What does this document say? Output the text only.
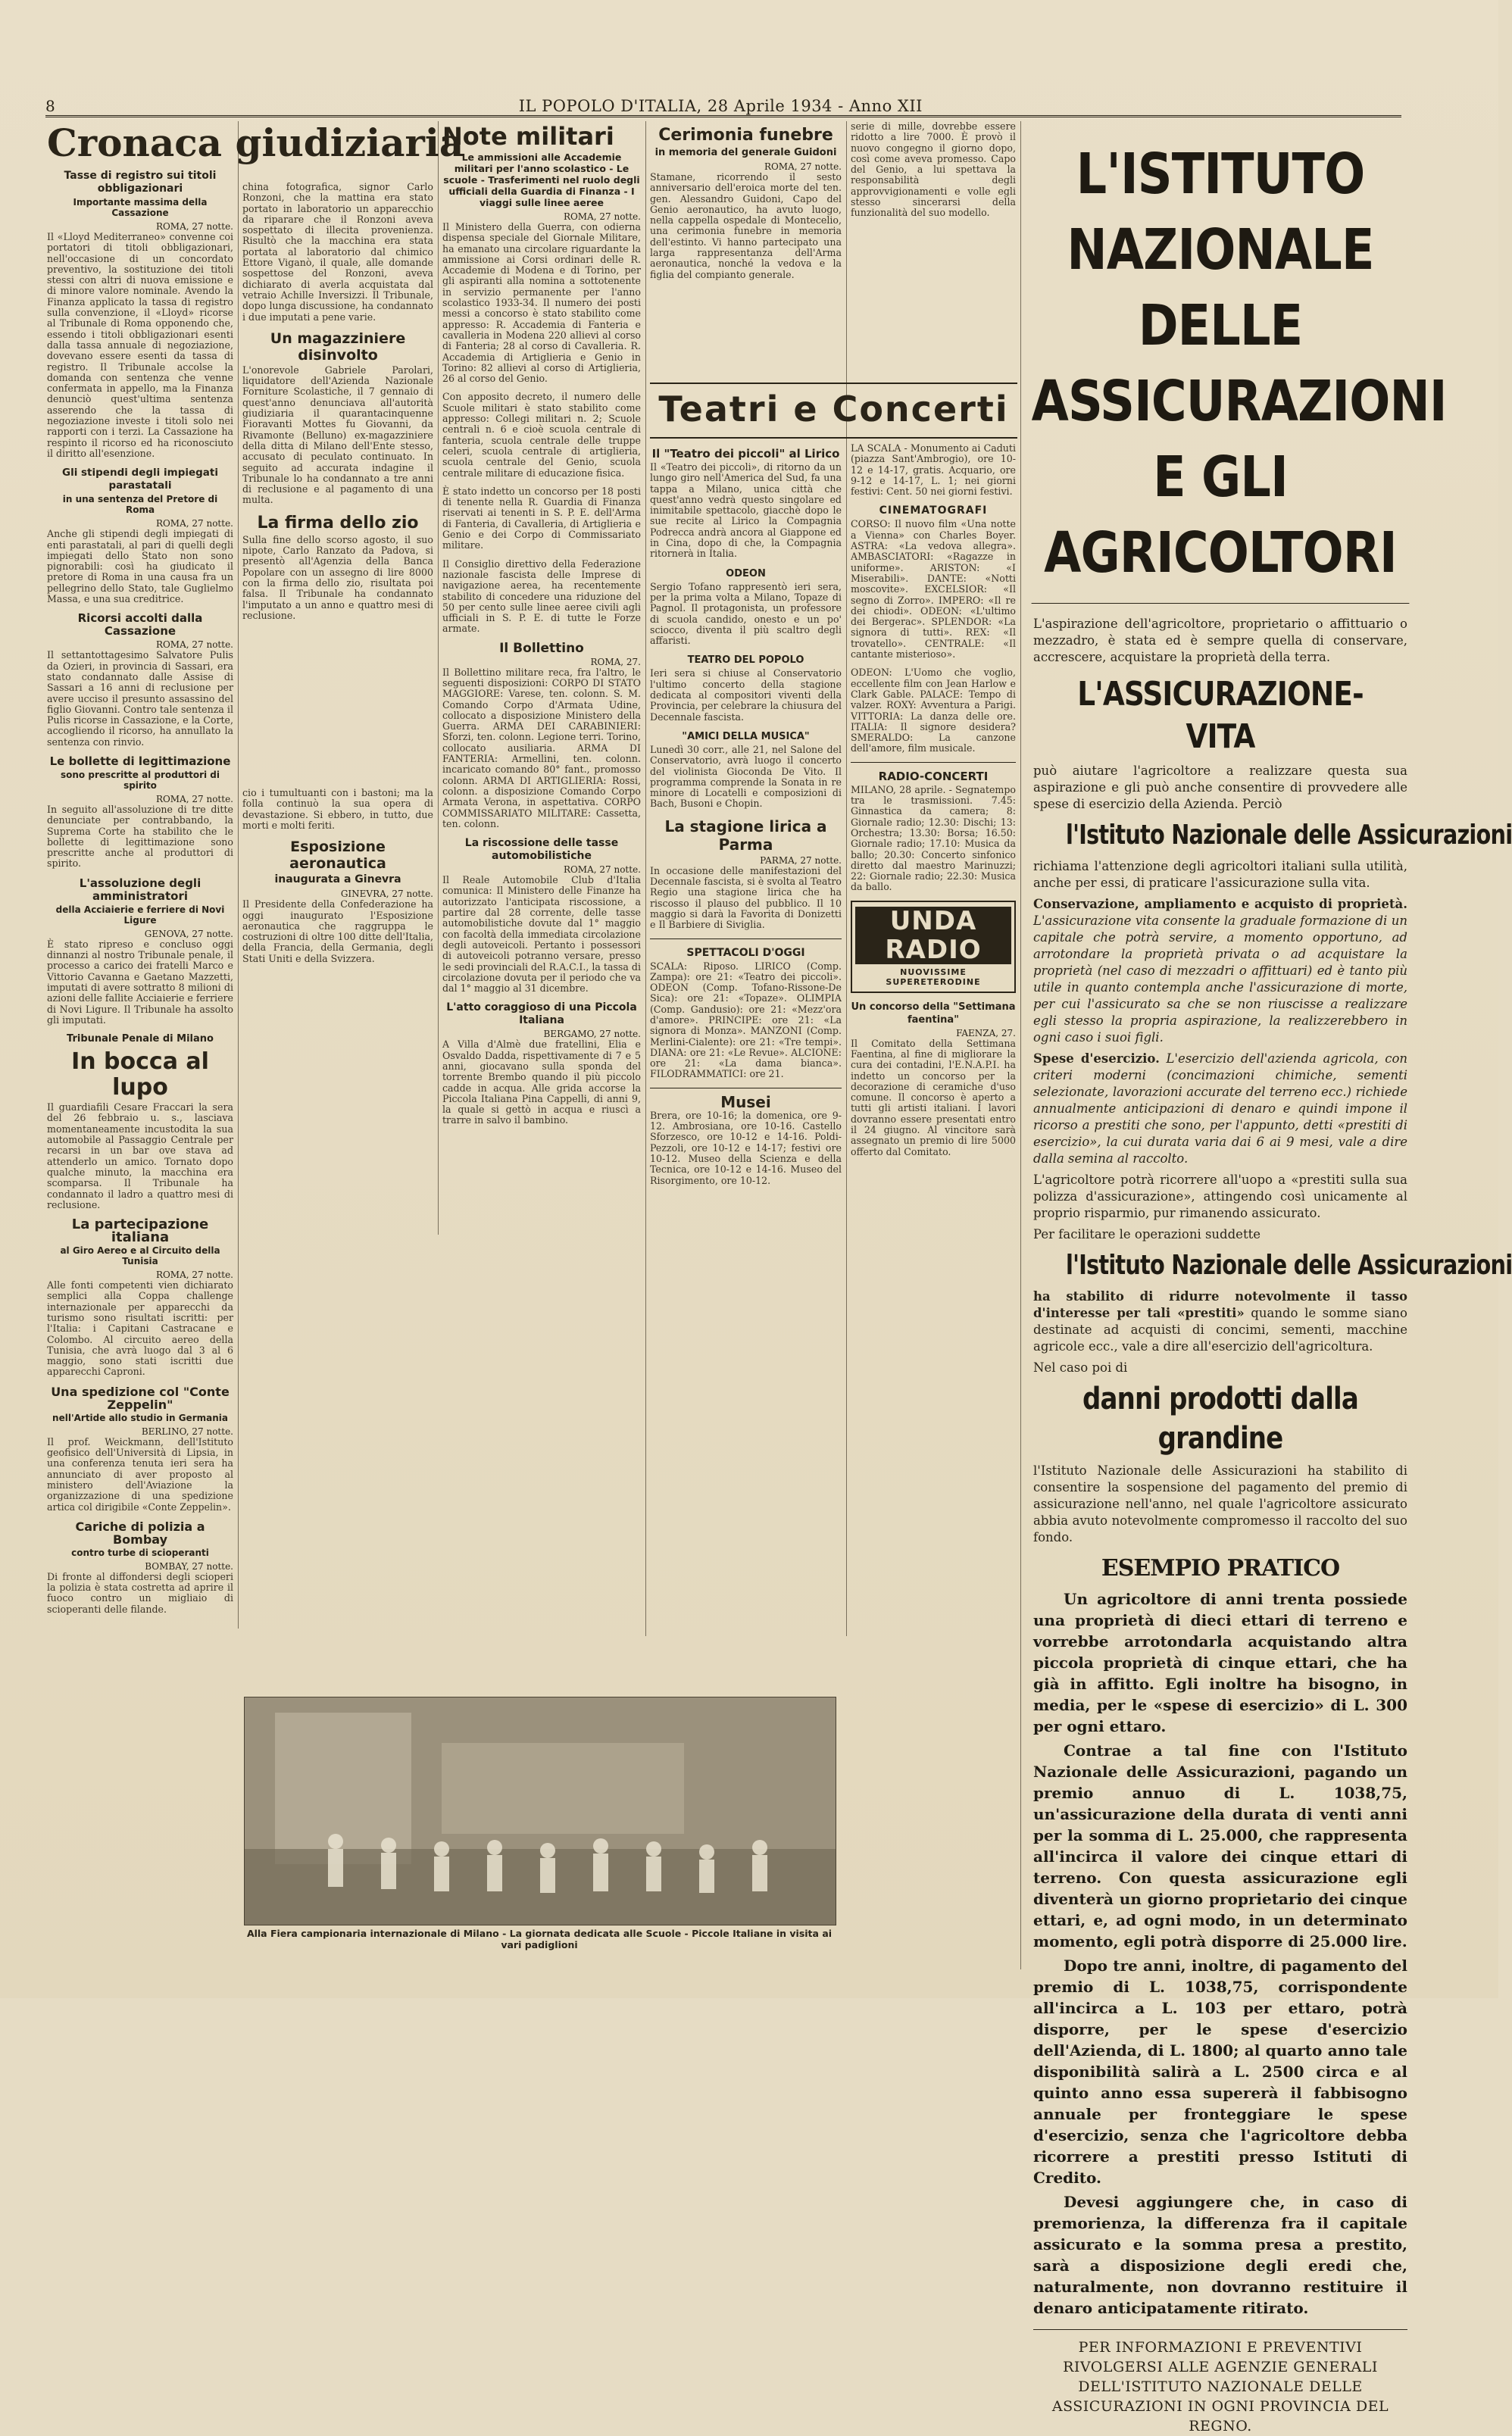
8	IL POPOLO D'ITALIA, 28 Aprile 1934 - Anno XII
Cronaca giudiziaria
Tasse di registro sui titoli obbligazionari
Importante massima della Cassazione

ROMA, 27 notte.

Il «Lloyd Mediterraneo» convenne coi portatori di titoli obbligazionari, nell'occasione di un concordato preventivo, la sostituzione dei titoli stessi con altri di nuova emissione e di minore valore nominale. Avendo la Finanza applicato la tassa di registro sulla convenzione, il «Lloyd» ricorse al Tribunale di Roma opponendo che, essendo i titoli obbligazionari esenti dalla tassa annuale di negoziazione, dovevano essere esenti da tassa di registro. Il Tribunale accolse la domanda con sentenza che venne confermata in appello, ma la Finanza denunciò quest'ultima sentenza asserendo che la tassa di negoziazione investe i titoli solo nei rapporti con i terzi. La Cassazione ha respinto il ricorso ed ha riconosciuto il diritto all'esenzione.

Gli stipendi degli impiegati parastatali
in una sentenza del Pretore di Roma

ROMA, 27 notte.

Anche gli stipendi degli impiegati di enti parastatali, al pari di quelli degli impiegati dello Stato non sono pignorabili: così ha giudicato il pretore di Roma in una causa fra un pellegrino dello Stato, tale Guglielmo Massa, e una sua creditrice.

Ricorsi accolti dalla Cassazione

ROMA, 27 notte.

Il settantottagesimo Salvatore Pulis da Ozieri, in provincia di Sassari, era stato condannato dalle Assise di Sassari a 16 anni di reclusione per avere ucciso il presunto assassino del figlio Giovanni. Contro tale sentenza il Pulis ricorse in Cassazione, e la Corte, accogliendo il ricorso, ha annullato la sentenza con rinvio.

Le bollette di legittimazione
sono prescritte al produttori di spirito

ROMA, 27 notte.

In seguito all'assoluzione di tre ditte denunciate per contrabbando, la Suprema Corte ha stabilito che le bollette di legittimazione sono prescritte anche al produttori di spirito.

L'assoluzione degli amministratori
della Acciaierie e ferriere di Novi Ligure

GENOVA, 27 notte.

È stato ripreso e concluso oggi dinnanzi al nostro Tribunale penale, il processo a carico dei fratelli Marco e Vittorio Cavanna e Gaetano Mazzetti, imputati di avere sottratto 8 milioni di azioni delle fallite Acciaierie e ferriere di Novi Ligure. Il Tribunale ha assolto gli imputati.

Tribunale Penale di Milano
In bocca al lupo

Il guardiafili Cesare Fraccari la sera del 26 febbraio u. s., lasciava momentaneamente incustodita la sua automobile al Passaggio Centrale per recarsi in un bar ove stava ad attenderlo un amico. Tornato dopo qualche minuto, la macchina era scomparsa. Il Tribunale ha condannato il ladro a quattro mesi di reclusione.

La partecipazione italiana
al Giro Aereo e al Circuito della Tunisia

ROMA, 27 notte.

Alle fonti competenti vien dichiarato semplici alla Coppa challenge internazionale per apparecchi da turismo sono risultati iscritti: per l'Italia: i Capitani Castracane e Colombo. Al circuito aereo della Tunisia, che avrà luogo dal 3 al 6 maggio, sono stati iscritti due apparecchi Caproni.

Una spedizione col "Conte Zeppelin"
nell'Artide allo studio in Germania

BERLINO, 27 notte.

Il prof. Weickmann, dell'Istituto geofisico dell'Università di Lipsia, in una conferenza tenuta ieri sera ha annunciato di aver proposto al ministero dell'Aviazione la organizzazione di una spedizione artica col dirigibile «Conte Zeppelin».

Cariche di polizia a Bombay
contro turbe di scioperanti

BOMBAY, 27 notte.

Di fronte al diffondersi degli scioperi la polizia è stata costretta ad aprire il fuoco contro un migliaio di scioperanti delle filande.

china fotografica, signor Carlo Ronzoni, che la mattina era stato portato in laboratorio un apparecchio da riparare che il Ronzoni aveva sospettato di illecita provenienza. Risultò che la macchina era stata portata al laboratorio dal chimico Ettore Viganò, il quale, alle domande sospettose del Ronzoni, aveva dichiarato di averla acquistata dal vetraio Achille Inversizzi. Il Tribunale, dopo lunga discussione, ha condannato i due imputati a pene varie.

Un magazziniere disinvolto

L'onorevole Gabriele Parolari, liquidatore dell'Azienda Nazionale Forniture Scolastiche, il 7 gennaio di quest'anno denunciava all'autorità giudiziaria il quarantacinquenne Fioravanti Mottes fu Giovanni, da Rivamonte (Belluno) ex-magazziniere della ditta di Milano dell'Ente stesso, accusato di peculato continuato. In seguito ad accurata indagine il Tribunale lo ha condannato a tre anni di reclusione e al pagamento di una multa.

La firma dello zio

Sulla fine dello scorso agosto, il suo nipote, Carlo Ranzato da Padova, si presentò all'Agenzia della Banca Popolare con un assegno di lire 8000 con la firma dello zio, risultata poi falsa. Il Tribunale ha condannato l'imputato a un anno e quattro mesi di reclusione.

cio i tumultuanti con i bastoni; ma la folla continuò la sua opera di devastazione. Si ebbero, in tutto, due morti e molti feriti.

Esposizione aeronautica
inaugurata a Ginevra

GINEVRA, 27 notte.

Il Presidente della Confederazione ha oggi inaugurato l'Esposizione aeronautica che raggruppa le costruzioni di oltre 100 ditte dell'Italia, della Francia, della Germania, degli Stati Uniti e della Svizzera.

Note militari
Le ammissioni alle Accademie militari per l'anno scolastico - Le scuole - Trasferimenti nel ruolo degli ufficiali della Guardia di Finanza - I viaggi sulle linee aeree

ROMA, 27 notte.

Il Ministero della Guerra, con odierna dispensa speciale del Giornale Militare, ha emanato una circolare riguardante la ammissione ai Corsi ordinari delle R. Accademie di Modena e di Torino, per gli aspiranti alla nomina a sottotenente in servizio permanente per l'anno scolastico 1933-34. Il numero dei posti messi a concorso è stato stabilito come appresso: R. Accademia di Fanteria e cavalleria in Modena 220 allievi al corso di Fanteria; 28 al corso di Cavalleria. R. Accademia di Artiglieria e Genio in Torino: 82 allievi al corso di Artiglieria, 26 al corso del Genio.

Con apposito decreto, il numero delle Scuole militari è stato stabilito come appresso: Collegi militari n. 2; Scuole centrali n. 6 e cioè scuola centrale di fanteria, scuola centrale delle truppe celeri, scuola centrale di artiglieria, scuola centrale del Genio, scuola centrale militare di educazione fisica.

È stato indetto un concorso per 18 posti di tenente nella R. Guardia di Finanza riservati ai tenenti in S. P. E. dell'Arma di Fanteria, di Cavalleria, di Artiglieria e Genio e dei Corpo di Commissariato militare.

Il Consiglio direttivo della Federazione nazionale fascista delle Imprese di navigazione aerea, ha recentemente stabilito di concedere una riduzione del 50 per cento sulle linee aeree civili agli ufficiali in S. P. E. di tutte le Forze armate.

Il Bollettino

ROMA, 27.

Il Bollettino militare reca, fra l'altro, le seguenti disposizioni: CORPO DI STATO MAGGIORE: Varese, ten. colonn. S. M. Comando Corpo d'Armata Udine, collocato a disposizione Ministero della Guerra. ARMA DEI CARABINIERI: Sforzi, ten. colonn. Legione terri. Torino, collocato ausiliaria. ARMA DI FANTERIA: Armellini, ten. colonn. incaricato comando 80° fant., promosso colonn. ARMA DI ARTIGLIERIA: Rossi, colonn. a disposizione Comando Corpo Armata Verona, in aspettativa. CORPO COMMISSARIATO MILITARE: Cassetta, ten. colonn.

La riscossione delle tasse automobilistiche

ROMA, 27 notte.

Il Reale Automobile Club d'Italia comunica: Il Ministero delle Finanze ha autorizzato l'anticipata riscossione, a partire dal 28 corrente, delle tasse automobilistiche dovute dal 1° maggio con facoltà della immediata circolazione degli autoveicoli. Pertanto i possessori di autoveicoli potranno versare, presso le sedi provinciali del R.A.C.I., la tassa di circolazione dovuta per il periodo che va dal 1° maggio al 31 dicembre.

L'atto coraggioso di una Piccola Italiana

BERGAMO, 27 notte.

A Villa d'Almè due fratellini, Elia e Osvaldo Dadda, rispettivamente di 7 e 5 anni, giocavano sulla sponda del torrente Brembo quando il più piccolo cadde in acqua. Alle grida accorse la Piccola Italiana Pina Cappelli, di anni 9, la quale si gettò in acqua e riuscì a trarre in salvo il bambino.

Cerimonia funebre
in memoria del generale Guidoni

ROMA, 27 notte.

Stamane, ricorrendo il sesto anniversario dell'eroica morte del ten. gen. Alessandro Guidoni, Capo del Genio aeronautico, ha avuto luogo, nella cappella ospedale di Montecelio, una cerimonia funebre in memoria dell'estinto. Vi hanno partecipato una larga rappresentanza dell'Arma aeronautica, nonché la vedova e la figlia del compianto generale.

Teatri e Concerti
Il "Teatro dei piccoli" al Lirico

Il «Teatro dei piccoli», di ritorno da un lungo giro nell'America del Sud, fa una tappa a Milano, unica città che quest'anno vedrà questo singolare ed inimitabile spettacolo, giacchè dopo le sue recite al Lirico la Compagnia Podrecca andrà ancora al Giappone ed in Cina, dopo di che, la Compagnia ritornerà in Italia.

ODEON

Sergio Tofano rappresentò ieri sera, per la prima volta a Milano, Topaze di Pagnol. Il protagonista, un professore di scuola candido, onesto e un po' sciocco, diventa il più scaltro degli affaristi.

TEATRO DEL POPOLO

Ieri sera si chiuse al Conservatorio l'ultimo concerto della stagione dedicata al compositori viventi della Provincia, per celebrare la chiusura del Decennale fascista.

"AMICI DELLA MUSICA"

Lunedì 30 corr., alle 21, nel Salone del Conservatorio, avrà luogo il concerto del violinista Gioconda De Vito. Il programma comprende la Sonata in re minore di Locatelli e composizioni di Bach, Busoni e Chopin.

La stagione lirica a Parma

PARMA, 27 notte.

In occasione delle manifestazioni del Decennale fascista, si è svolta al Teatro Regio una stagione lirica che ha riscosso il plauso del pubblico. Il 10 maggio si darà la Favorita di Donizetti e Il Barbiere di Siviglia.

SPETTACOLI D'OGGI

SCALA: Riposo. LIRICO (Comp. Zampa): ore 21: «Teatro dei piccoli». ODEON (Comp. Tofano-Rissone-De Sica): ore 21: «Topaze». OLIMPIA (Comp. Gandusio): ore 21: «Mezz'ora d'amore». PRINCIPE: ore 21: «La signora di Monza». MANZONI (Comp. Merlini-Cialente): ore 21: «Tre tempi». DIANA: ore 21: «Le Revue». ALCIONE: ore 21: «La dama bianca». FILODRAMMATICI: ore 21.

Musei

Brera, ore 10-16; la domenica, ore 9-12. Ambrosiana, ore 10-16. Castello Sforzesco, ore 10-12 e 14-16. Poldi-Pezzoli, ore 10-12 e 14-17; festivi ore 10-12. Museo della Scienza e della Tecnica, ore 10-12 e 14-16. Museo del Risorgimento, ore 10-12.

serie di mille, dovrebbe essere ridotto a lire 7000. È provò il nuovo congegno il giorno dopo, così come aveva promesso. Capo del Genio, a lui spettava la responsabilità degli approvvigionamenti e volle egli stesso sincerarsi della funzionalità del suo modello.

LA SCALA - Monumento ai Caduti (piazza Sant'Ambrogio), ore 10-12 e 14-17, gratis. Acquario, ore 9-12 e 14-17, L. 1; nei giorni festivi: Cent. 50 nei giorni festivi.

CINEMATOGRAFI

CORSO: Il nuovo film «Una notte a Vienna» con Charles Boyer. ASTRA: «La vedova allegra». AMBASCIATORI: «Ragazze in uniforme». ARISTON: «I Miserabili». DANTE: «Notti moscovite». EXCELSIOR: «Il segno di Zorro». IMPERO: «Il re dei chiodi». ODEON: «L'ultimo dei Bergerac». SPLENDOR: «La signora di tutti». REX: «Il trovatello». CENTRALE: «Il cantante misterioso».

ODEON: L'Uomo che voglio, eccellente film con Jean Harlow e Clark Gable. PALACE: Tempo di valzer. ROXY: Avventura a Parigi. VITTORIA: La danza delle ore. ITALIA: Il signore desidera? SMERALDO: La canzone dell'amore, film musicale.

RADIO-CONCERTI

MILANO, 28 aprile. - Segnatempo tra le trasmissioni. 7.45: Ginnastica da camera; 8: Giornale radio; 12.30: Dischi; 13: Orchestra; 13.30: Borsa; 16.50: Giornale radio; 17.10: Musica da ballo; 20.30: Concerto sinfonico diretto dal maestro Marinuzzi; 22: Giornale radio; 22.30: Musica da ballo.

UNDA RADIO
NUOVISSIME SUPERETERODINE
Un concorso della "Settimana faentina"

FAENZA, 27.

Il Comitato della Settimana Faentina, al fine di migliorare la cura dei contadini, l'E.N.A.P.I. ha indetto un concorso per la decorazione di ceramiche d'uso comune. Il concorso è aperto a tutti gli artisti italiani. I lavori dovranno essere presentati entro il 24 giugno. Al vincitore sarà assegnato un premio di lire 5000 offerto dal Comitato.

Alla Fiera campionaria internazionale di Milano - La giornata dedicata alle Scuole - Piccole Italiane in visita ai vari padiglioni
L'ISTITUTO NAZIONALE DELLE ASSICURAZIONI E GLI AGRICOLTORI

L'aspirazione dell'agricoltore, proprietario o affittuario o mezzadro, è stata ed è sempre quella di conservare, accrescere, acquistare la proprietà della terra.

L'ASSICURAZIONE-VITA

può aiutare l'agricoltore a realizzare questa sua aspirazione e gli può anche consentire di provvedere alle spese di esercizio della Azienda. Perciò

l'Istituto Nazionale delle Assicurazioni

richiama l'attenzione degli agricoltori italiani sulla utilità, anche per essi, di praticare l'assicurazione sulla vita.

Conservazione, ampliamento e acquisto di proprietà. L'assicurazione vita consente la graduale formazione di un capitale che potrà servire, a momento opportuno, ad arrotondare la proprietà privata o ad acquistare la proprietà (nel caso di mezzadri o affittuari) ed è tanto più utile in quanto contempla anche l'assicurazione di morte, per cui l'assicurato sa che se non riuscisse a realizzare egli stesso la propria aspirazione, la realizzerebbero in ogni caso i suoi figli.

Spese d'esercizio. L'esercizio dell'azienda agricola, con criteri moderni (concimazioni chimiche, sementi selezionate, lavorazioni accurate del terreno ecc.) richiede annualmente anticipazioni di denaro e quindi impone il ricorso a prestiti che sono, per l'appunto, detti «prestiti di esercizio», la cui durata varia dai 6 ai 9 mesi, vale a dire dalla semina al raccolto.

L'agricoltore potrà ricorrere all'uopo a «prestiti sulla sua polizza d'assicurazione», attingendo così unicamente al proprio risparmio, pur rimanendo assicurato.

Per facilitare le operazioni suddette

l'Istituto Nazionale delle Assicurazioni

ha stabilito di ridurre notevolmente il tasso d'interesse per tali «prestiti» quando le somme siano destinate ad acquisti di concimi, sementi, macchine agricole ecc., vale a dire all'esercizio dell'agricoltura.

Nel caso poi di

danni prodotti dalla grandine

l'Istituto Nazionale delle Assicurazioni ha stabilito di consentire la sospensione del pagamento del premio di assicurazione nell'anno, nel quale l'agricoltore assicurato abbia avuto notevolmente compromesso il raccolto del suo fondo.

ESEMPIO PRATICO

Un agricoltore di anni trenta possiede una proprietà di dieci ettari di terreno e vorrebbe arrotondarla acquistando altra piccola proprietà di cinque ettari, che ha già in affitto. Egli inoltre ha bisogno, in media, per le «spese di esercizio» di L. 300 per ogni ettaro.

Contrae a tal fine con l'Istituto Nazionale delle Assicurazioni, pagando un premio annuo di L. 1038,75, un'assicurazione della durata di venti anni per la somma di L. 25.000, che rappresenta all'incirca il valore dei cinque ettari di terreno. Con questa assicurazione egli diventerà un giorno proprietario dei cinque ettari, e, ad ogni modo, in un determinato momento, egli potrà disporre di 25.000 lire.

Dopo tre anni, inoltre, di pagamento del premio di L. 1038,75, corrispondente all'incirca a L. 103 per ettaro, potrà disporre, per le spese d'esercizio dell'Azienda, di L. 1800; al quarto anno tale disponibilità salirà a L. 2500 circa e al quinto anno essa supererà il fabbisogno annuale per fronteggiare le spese d'esercizio, senza che l'agricoltore debba ricorrere a prestiti presso Istituti di Credito.

Devesi aggiungere che, in caso di premorienza, la differenza fra il capitale assicurato e la somma presa a prestito, sarà a disposizione degli eredi che, naturalmente, non dovranno restituire il denaro anticipatamente ritirato.

PER INFORMAZIONI E PREVENTIVI RIVOLGERSI ALLE AGENZIE GENERALI DELL'ISTITUTO NAZIONALE DELLE ASSICURAZIONI IN OGNI PROVINCIA DEL REGNO.
